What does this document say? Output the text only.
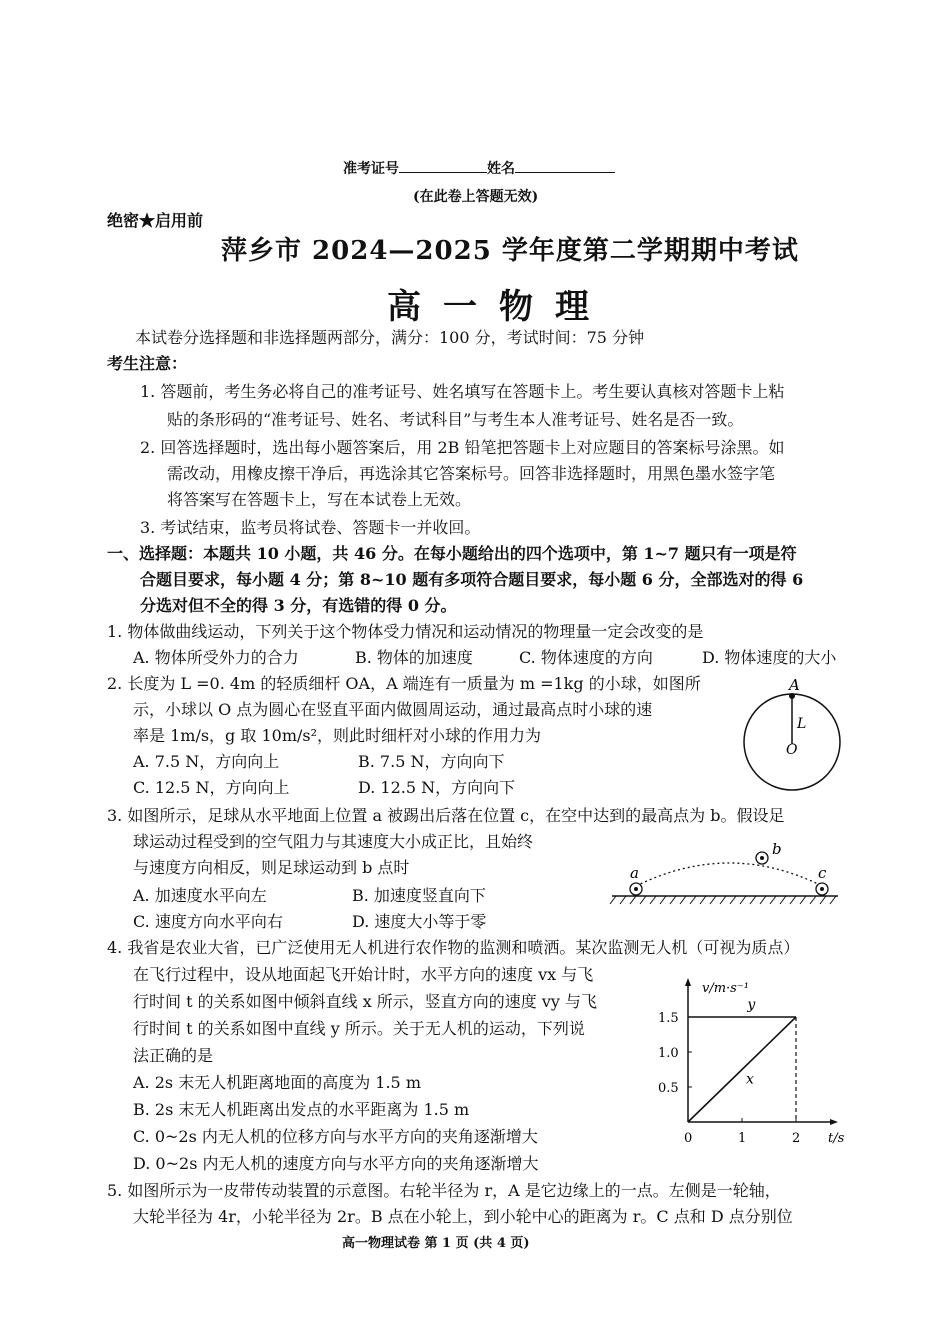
准考证号	姓名
(在此卷上答题无效)
绝密★启用前
萍乡市 2024—2025 学年度第二学期期中考试
高一物理
本试卷分选择题和非选择题两部分，满分：100 分，考试时间：75 分钟
考生注意：
1. 答题前，考生务必将自己的准考证号、姓名填写在答题卡上。考生要认真核对答题卡上粘
贴的条形码的“准考证号、姓名、考试科目”与考生本人准考证号、姓名是否一致。
2. 回答选择题时，选出每小题答案后，用 2B 铅笔把答题卡上对应题目的答案标号涂黑。如
需改动，用橡皮擦干净后，再选涂其它答案标号。回答非选择题时，用黑色墨水签字笔
将答案写在答题卡上，写在本试卷上无效。
3. 考试结束，监考员将试卷、答题卡一并收回。
一、选择题：本题共 10 小题，共 46 分。在每小题给出的四个选项中，第 1~7 题只有一项是符
合题目要求，每小题 4 分；第 8~10 题有多项符合题目要求，每小题 6 分，全部选对的得 6
分选对但不全的得 3 分，有选错的得 0 分。
1. 物体做曲线运动，下列关于这个物体受力情况和运动情况的物理量一定会改变的是
A. 物体所受外力的合力	B. 物体的加速度	C. 物体速度的方向	D. 物体速度的大小
2. 长度为 L =0. 4m 的轻质细杆 OA，A 端连有一质量为 m =1kg 的小球，如图所
示，小球以 O 点为圆心在竖直平面内做圆周运动，通过最高点时小球的速
率是 1m/s，g 取 10m/s²，则此时细杆对小球的作用力为
A. 7.5 N，方向向上	B. 7.5 N，方向向下
C. 12.5 N，方向向上	D. 12.5 N，方向向下
A
L
O
3. 如图所示，足球从水平地面上位置 a 被踢出后落在位置 c，在空中达到的最高点为 b。假设足
球运动过程受到的空气阻力与其速度大小成正比，且始终
与速度方向相反，则足球运动到 b 点时
A. 加速度水平向左	B. 加速度竖直向下
C. 速度方向水平向右	D. 速度大小等于零
a
b
c
4. 我省是农业大省，已广泛使用无人机进行农作物的监测和喷洒。某次监测无人机（可视为质点）
在飞行过程中，设从地面起飞开始计时，水平方向的速度 vx 与飞
行时间 t 的关系如图中倾斜直线 x 所示，竖直方向的速度 vy 与飞
行时间 t 的关系如图中直线 y 所示。关于无人机的运动，下列说
法正确的是
A. 2s 末无人机距离地面的高度为 1.5 m
B. 2s 末无人机距离出发点的水平距离为 1.5 m
C. 0~2s 内无人机的位移方向与水平方向的夹角逐渐增大
D. 0~2s 内无人机的速度方向与水平方向的夹角逐渐增大
v/m·s⁻¹
t/s
0.5
1.0
1.5
0	1	2
x
y
5. 如图所示为一皮带传动装置的示意图。右轮半径为 r，A 是它边缘上的一点。左侧是一轮轴，
大轮半径为 4r，小轮半径为 2r。B 点在小轮上，到小轮中心的距离为 r。C 点和 D 点分别位
高一物理试卷 第 1 页 (共 4 页)
